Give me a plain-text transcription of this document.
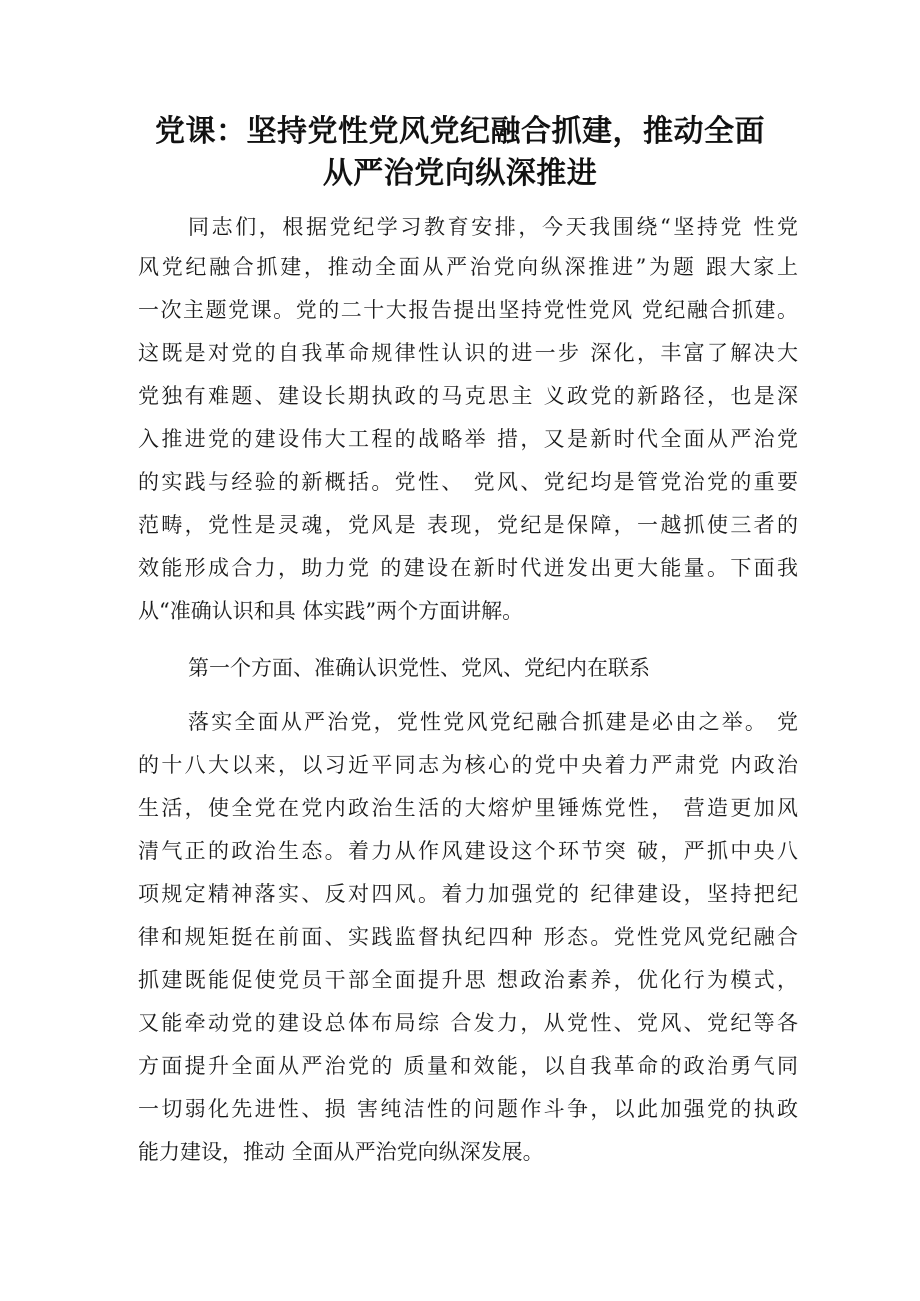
党课：坚持党性党风党纪融合抓建，推动全面
从严治党向纵深推进
同志们，根据党纪学习教育安排，今天我围绕“坚持党 性党
风党纪融合抓建，推动全面从严治党向纵深推进”为题 跟大家上
一次主题党课。党的二十大报告提出坚持党性党风 党纪融合抓建。
这既是对党的自我革命规律性认识的进一步 深化，丰富了解决大
党独有难题、建设长期执政的马克思主 义政党的新路径，也是深
入推进党的建设伟大工程的战略举 措，又是新时代全面从严治党
的实践与经验的新概括。党性、 党风、党纪均是管党治党的重要
范畴，党性是灵魂，党风是 表现，党纪是保障，一越抓使三者的
效能形成合力，助力党 的建设在新时代迸发出更大能量。下面我
从“准确认识和具 体实践”两个方面讲解。
第一个方面、准确认识党性、党风、党纪内在联系
落实全面从严治党，党性党风党纪融合抓建是必由之举。 党
的十八大以来，以习近平同志为核心的党中央着力严肃党 内政治
生活，使全党在党内政治生活的大熔炉里锤炼党性， 营造更加风
清气正的政治生态。着力从作风建设这个环节突 破，严抓中央八
项规定精神落实、反对四风。着力加强党的 纪律建设，坚持把纪
律和规矩挺在前面、实践监督执纪四种 形态。党性党风党纪融合
抓建既能促使党员干部全面提升思 想政治素养，优化行为模式，
又能牵动党的建设总体布局综 合发力，从党性、党风、党纪等各
方面提升全面从严治党的 质量和效能，以自我革命的政治勇气同
一切弱化先进性、损 害纯洁性的问题作斗争，以此加强党的执政
能力建设，推动 全面从严治党向纵深发展。
